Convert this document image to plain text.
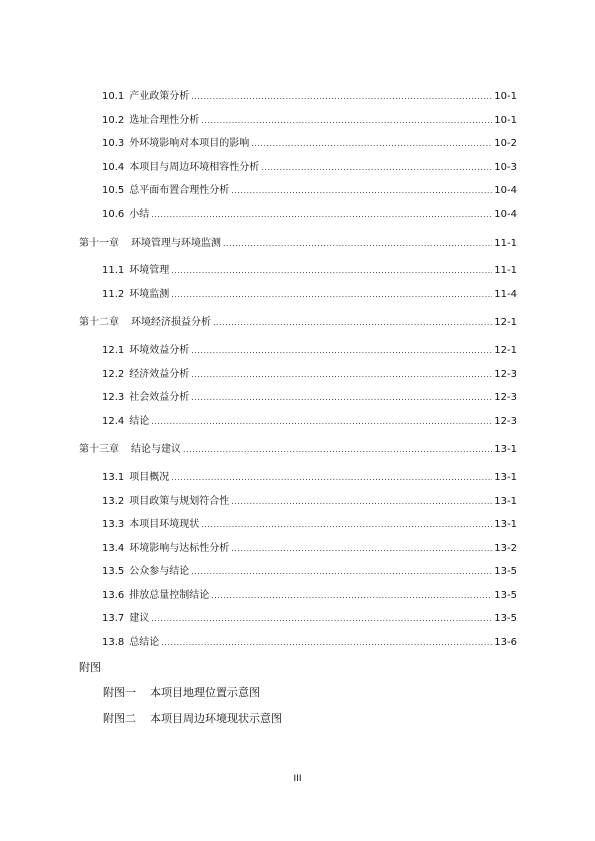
10.1 产业政策分析 .....	10-1
10.2 选址合理性分析 .....	10-1
10.3 外环境影响对本项目的影响 .....	10-2
10.4 本项目与周边环境相容性分析 .....	10-3
10.5 总平面布置合理性分析 .....	10-4
10.6 小结 .....	10-4
第十一章 环境管理与环境监测 .....	11-1
11.1 环境管理 .....	11-1
11.2 环境监测 .....	11-4
第十二章 环境经济损益分析 .....	12-1
12.1 环境效益分析 .....	12-1
12.2 经济效益分析 .....	12-3
12.3 社会效益分析 .....	12-3
12.4 结论 .....	12-3
第十三章 结论与建议 .....	13-1
13.1 项目概况 .....	13-1
13.2 项目政策与规划符合性 .....	13-1
13.3 本项目环境现状 .....	13-1
13.4 环境影响与达标性分析 .....	13-2
13.5 公众参与结论 .....	13-5
13.6 排放总量控制结论 .....	13-5
13.7 建议 .....	13-5
13.8 总结论 .....	13-6
附图
附图一 本项目地理位置示意图
附图二 本项目周边环境现状示意图
III
